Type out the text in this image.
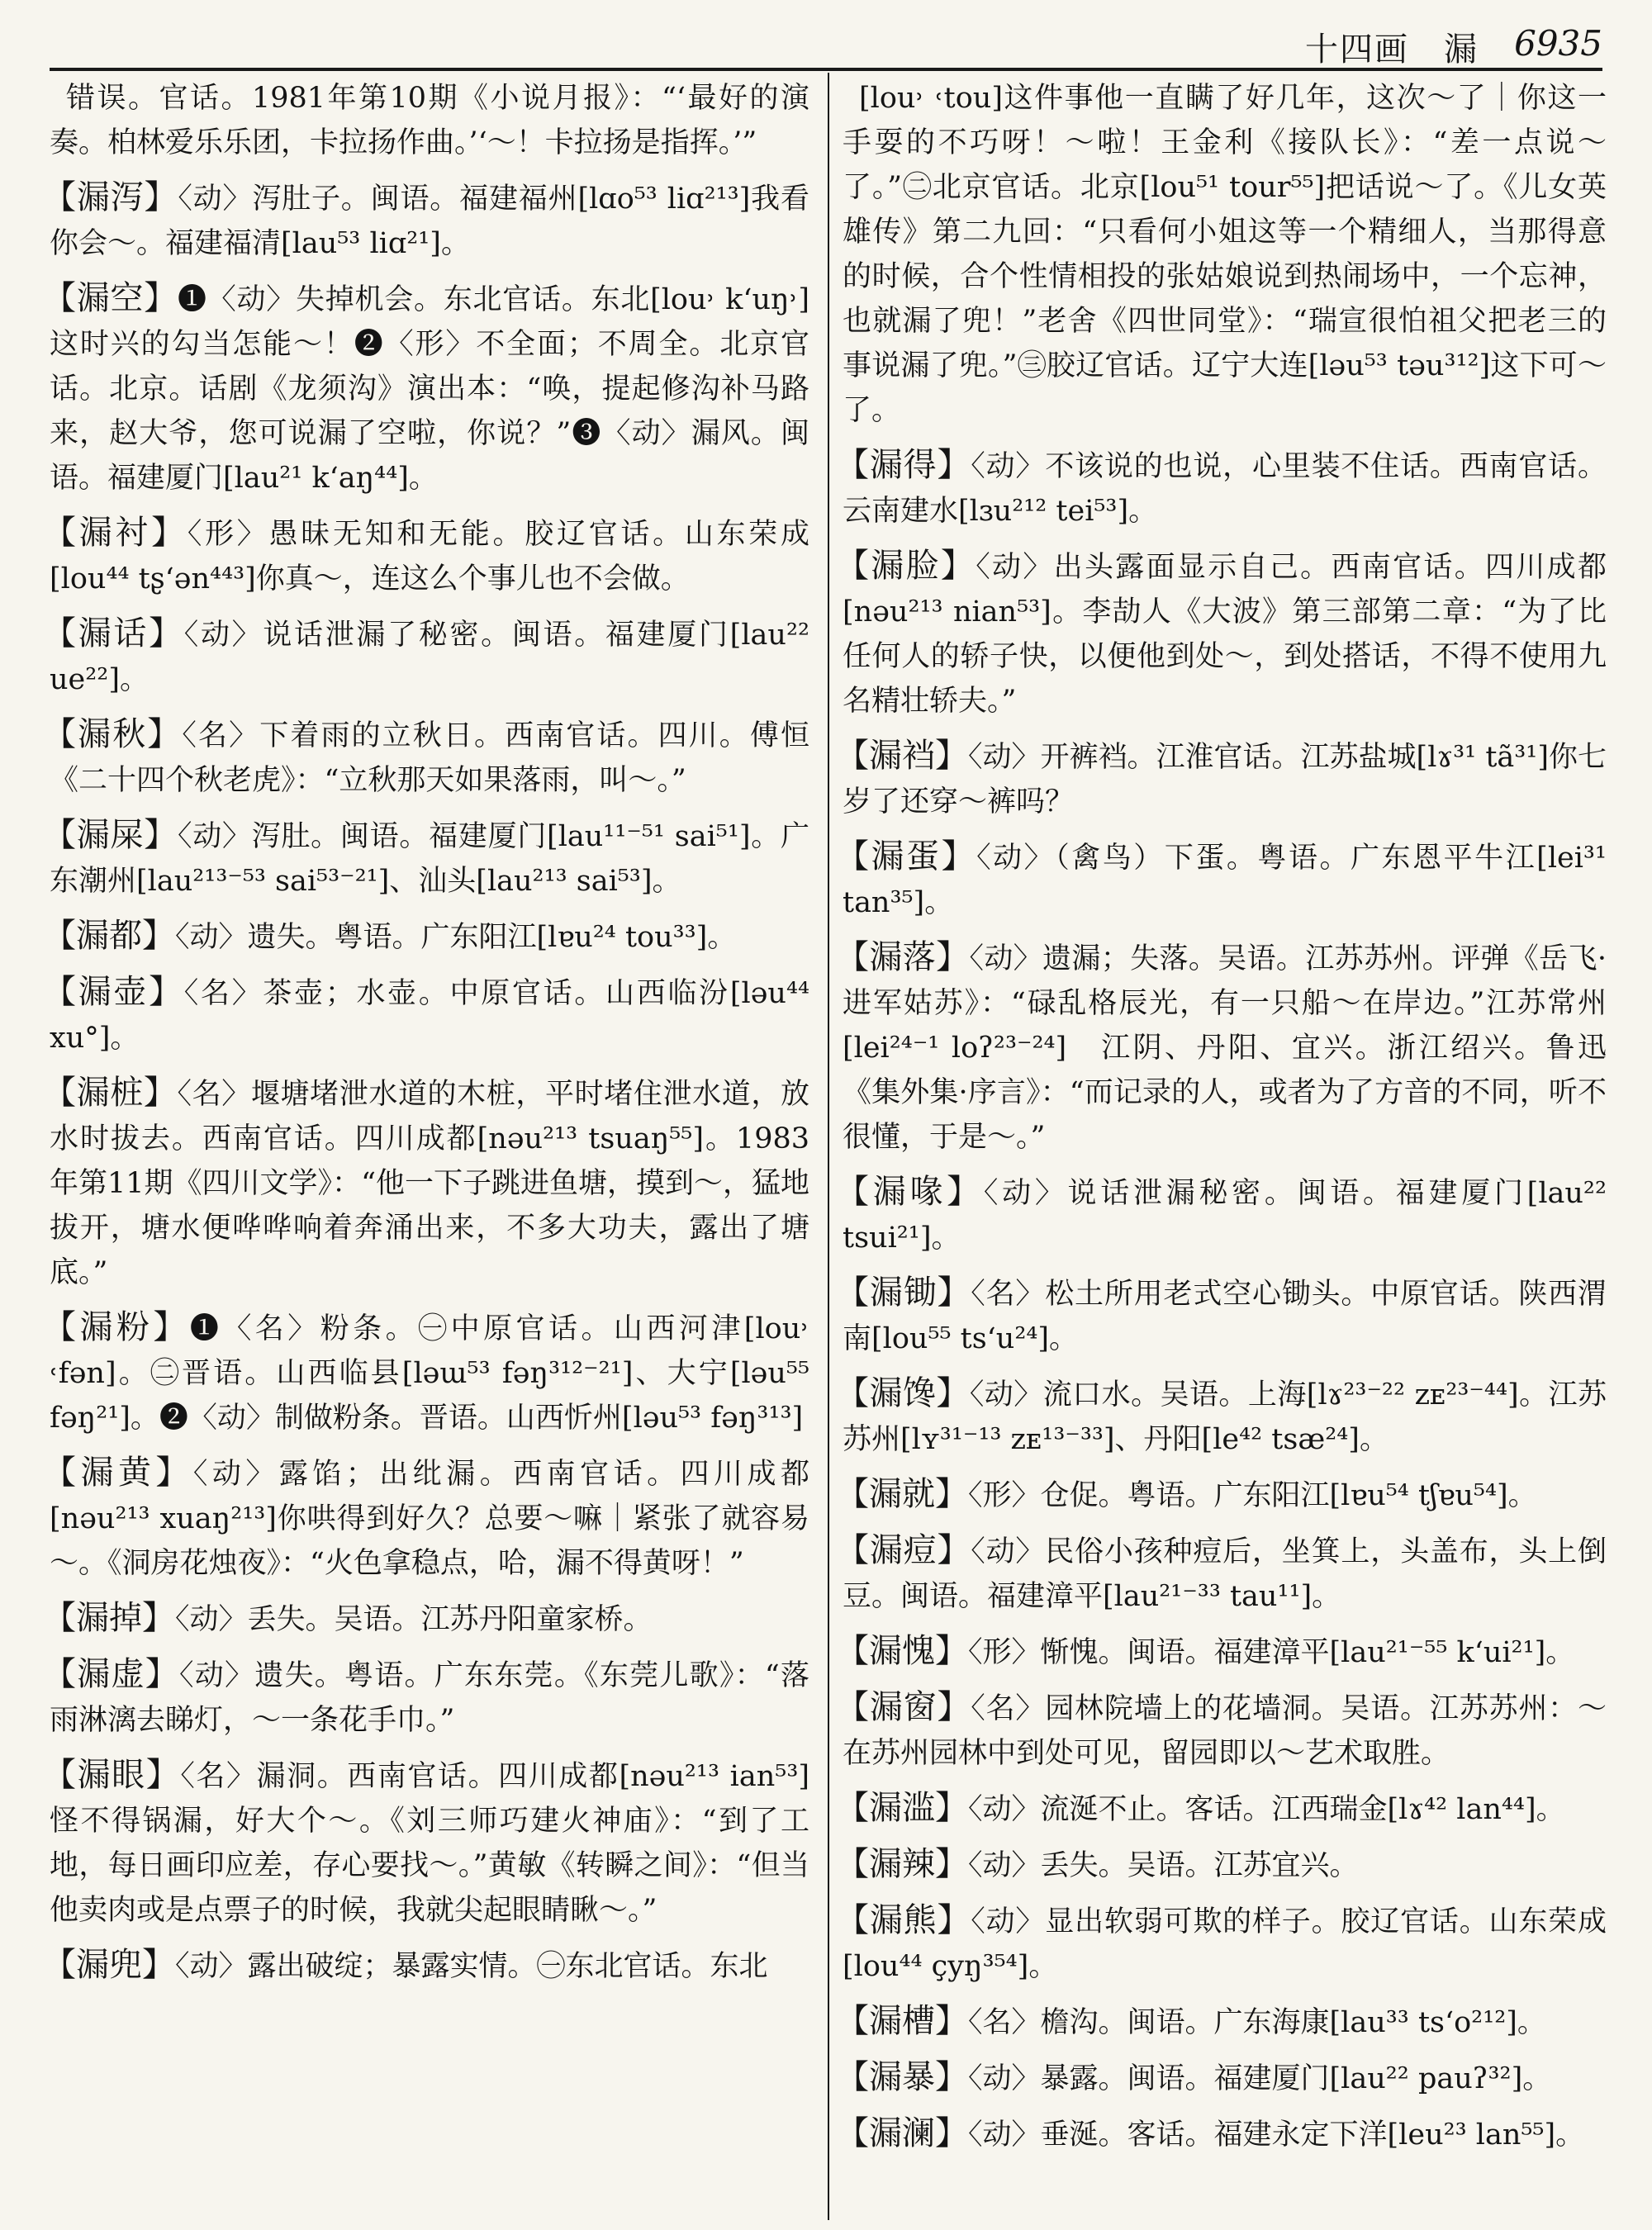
十四画　漏 6935

错误。官话。1981年第10期《小说月报》：“‘最好的演奏。柏林爱乐乐团，卡拉扬作曲。’‘～！卡拉扬是指挥。’”

【漏泻】〈动〉泻肚子。闽语。福建福州[lɑo⁵³ liɑ²¹³]我看你会～。福建福清[lau⁵³ liɑ²¹]。

【漏空】❶〈动〉失掉机会。东北官话。东北[lou˒ k‘uŋ˒]这时兴的勾当怎能～！❷〈形〉不全面；不周全。北京官话。北京。话剧《龙须沟》演出本：“唤，提起修沟补马路来，赵大爷，您可说漏了空啦，你说？”❸〈动〉漏风。闽语。福建厦门[lau²¹ k‘aŋ⁴⁴]。

【漏衬】〈形〉愚昧无知和无能。胶辽官话。山东荣成[lou⁴⁴ tʂ‘ən⁴⁴³]你真～，连这么个事儿也不会做。

【漏话】〈动〉说话泄漏了秘密。闽语。福建厦门[lau²² ue²²]。

【漏秋】〈名〉下着雨的立秋日。西南官话。四川。傅恒《二十四个秋老虎》：“立秋那天如果落雨，叫～。”

【漏屎】〈动〉泻肚。闽语。福建厦门[lau¹¹⁻⁵¹ sai⁵¹]。广东潮州[lau²¹³⁻⁵³ sai⁵³⁻²¹]、汕头[lau²¹³ sai⁵³]。

【漏都】〈动〉遗失。粤语。广东阳江[lɐu²⁴ tou³³]。

【漏壶】〈名〉茶壶；水壶。中原官话。山西临汾[ləu⁴⁴ xu°]。

【漏桩】〈名〉堰塘堵泄水道的木桩，平时堵住泄水道，放水时拔去。西南官话。四川成都[nəu²¹³ tsuaŋ⁵⁵]。1983年第11期《四川文学》：“他一下子跳进鱼塘，摸到～，猛地拔开，塘水便哗哗响着奔涌出来，不多大功夫，露出了塘底。”

【漏粉】❶〈名〉粉条。㊀中原官话。山西河津[lou˒ ˓fən]。㊁晋语。山西临县[ləɯ⁵³ fəŋ³¹²⁻²¹]、大宁[ləu⁵⁵ fəŋ²¹]。❷〈动〉制做粉条。晋语。山西忻州[ləu⁵³ fəŋ³¹³]

【漏黄】〈动〉露馅；出纰漏。西南官话。四川成都[nəu²¹³ xuaŋ²¹³]你哄得到好久？总要～嘛｜紧张了就容易～。《洞房花烛夜》：“火色拿稳点，哈，漏不得黄呀！”

【漏掉】〈动〉丢失。吴语。江苏丹阳童家桥。

【漏虚】〈动〉遗失。粤语。广东东莞。《东莞儿歌》：“落雨淋漓去睇灯，～一条花手巾。”

【漏眼】〈名〉漏洞。西南官话。四川成都[nəu²¹³ ian⁵³]怪不得锅漏，好大个～。《刘三师巧建火神庙》：“到了工地，每日画印应差，存心要找～。”黄敏《转瞬之间》：“但当他卖肉或是点票子的时候，我就尖起眼睛瞅～。”

【漏兜】〈动〉露出破绽；暴露实情。㊀东北官话。东北

[lou˒ ˓tou]这件事他一直瞒了好几年，这次～了｜你这一手耍的不巧呀！～啦！王金利《接队长》：“差一点说～了。”㊁北京官话。北京[lou⁵¹ tour⁵⁵]把话说～了。《儿女英雄传》第二九回：“只看何小姐这等一个精细人，当那得意的时候，合个性情相投的张姑娘说到热闹场中，一个忘神，也就漏了兜！”老舍《四世同堂》：“瑞宣很怕祖父把老三的事说漏了兜。”㊂胶辽官话。辽宁大连[ləu⁵³ təu³¹²]这下可～了。

【漏得】〈动〉不该说的也说，心里装不住话。西南官话。云南建水[lɜu²¹² tei⁵³]。

【漏脸】〈动〉出头露面显示自己。西南官话。四川成都[nəu²¹³ nian⁵³]。李劼人《大波》第三部第二章：“为了比任何人的轿子快，以便他到处～，到处搭话，不得不使用九名精壮轿夫。”

【漏裆】〈动〉开裤裆。江淮官话。江苏盐城[lɤ³¹ tã³¹]你七岁了还穿～裤吗？

【漏蛋】〈动〉（禽鸟）下蛋。粤语。广东恩平牛江[lei³¹ tan³⁵]。

【漏落】〈动〉遗漏；失落。吴语。江苏苏州。评弹《岳飞·进军姑苏》：“碌乱格辰光，有一只船～在岸边。”江苏常州[lei²⁴⁻¹ loʔ²³⁻²⁴]　江阴、丹阳、宜兴。浙江绍兴。鲁迅《集外集·序言》：“而记录的人，或者为了方音的不同，听不很懂，于是～。”

【漏喙】〈动〉说话泄漏秘密。闽语。福建厦门[lau²² tsui²¹]。

【漏锄】〈名〉松土所用老式空心锄头。中原官话。陕西渭南[lou⁵⁵ ts‘u²⁴]。

【漏馋】〈动〉流口水。吴语。上海[lɤ²³⁻²² zᴇ²³⁻⁴⁴]。江苏苏州[lʏ³¹⁻¹³ zᴇ¹³⁻³³]、丹阳[le⁴² tsæ²⁴]。

【漏就】〈形〉仓促。粤语。广东阳江[lɐu⁵⁴ tʃɐu⁵⁴]。

【漏痘】〈动〉民俗小孩种痘后，坐箕上，头盖布，头上倒豆。闽语。福建漳平[lau²¹⁻³³ tau¹¹]。

【漏愧】〈形〉惭愧。闽语。福建漳平[lau²¹⁻⁵⁵ k‘ui²¹]。

【漏窗】〈名〉园林院墙上的花墙洞。吴语。江苏苏州：～在苏州园林中到处可见，留园即以～艺术取胜。

【漏滥】〈动〉流涎不止。客话。江西瑞金[lɤ⁴² lan⁴⁴]。

【漏辣】〈动〉丢失。吴语。江苏宜兴。

【漏熊】〈动〉显出软弱可欺的样子。胶辽官话。山东荣成[lou⁴⁴ çyŋ³⁵⁴]。

【漏槽】〈名〉檐沟。闽语。广东海康[lau³³ ts‘o²¹²]。

【漏暴】〈动〉暴露。闽语。福建厦门[lau²² pauʔ³²]。

【漏澜】〈动〉垂涎。客话。福建永定下洋[leu²³ lan⁵⁵]。
